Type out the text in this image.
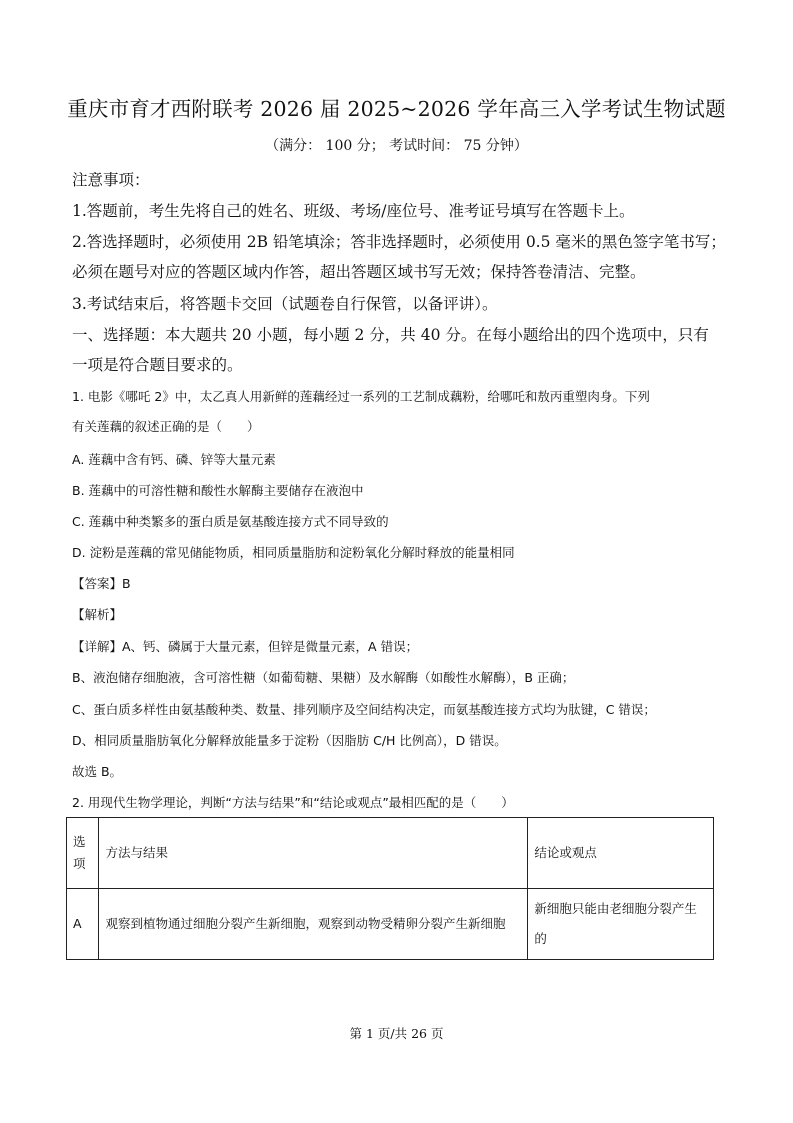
重庆市育才西附联考 2026 届 2025~2026 学年高三入学考试生物试题
（满分： 100 分； 考试时间： 75 分钟）
注意事项：
1.答题前，考生先将自己的姓名、班级、考场/座位号、准考证号填写在答题卡上。
2.答选择题时，必须使用 2B 铅笔填涂；答非选择题时，必须使用 0.5 毫米的黑色签字笔书写；
必须在题号对应的答题区域内作答，超出答题区域书写无效；保持答卷清洁、完整。
3.考试结束后，将答题卡交回（试题卷自行保管，以备评讲）。
一、选择题：本大题共 20 小题，每小题 2 分，共 40 分。在每小题给出的四个选项中，只有
一项是符合题目要求的。
1. 电影《哪吒 2》中，太乙真人用新鲜的莲藕经过一系列的工艺制成藕粉，给哪吒和敖丙重塑肉身。下列
有关莲藕的叙述正确的是（　　）
A. 莲藕中含有钙、磷、锌等大量元素
B. 莲藕中的可溶性糖和酸性水解酶主要储存在液泡中
C. 莲藕中种类繁多的蛋白质是氨基酸连接方式不同导致的
D. 淀粉是莲藕的常见储能物质，相同质量脂肪和淀粉氧化分解时释放的能量相同
【答案】B
【解析】
【详解】A、钙、磷属于大量元素，但锌是微量元素，A 错误；
B、液泡储存细胞液，含可溶性糖（如葡萄糖、果糖）及水解酶（如酸性水解酶），B 正确；
C、蛋白质多样性由氨基酸种类、数量、排列顺序及空间结构决定，而氨基酸连接方式均为肽键，C 错误；
D、相同质量脂肪氧化分解释放能量多于淀粉（因脂肪 C/H 比例高），D 错误。
故选 B。
2. 用现代生物学理论，判断“方法与结果”和“结论或观点”最相匹配的是（　　）
选项	方法与结果	结论或观点
A	观察到植物通过细胞分裂产生新细胞，观察到动物受精卵分裂产生新细胞	新细胞只能由老细胞分裂产生的
第 1 页/共 26 页
